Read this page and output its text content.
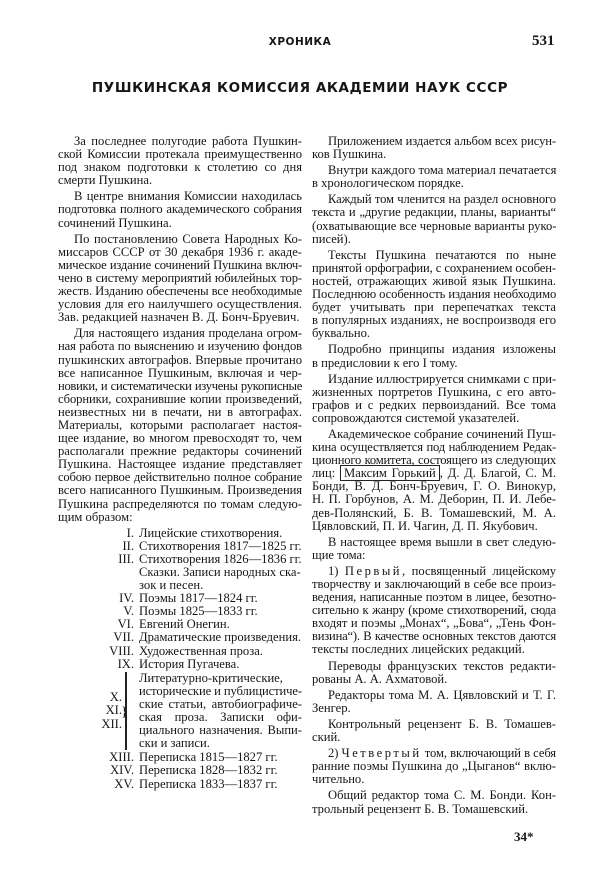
ХРОНИКА	531
ПУШКИНСКАЯ КОМИССИЯ АКАДЕМИИ НАУК СССР
За последнее полугодие работа Пушкин-
ской Комиссии протекала преимущественно
под знаком подготовки к столетию со дня
смерти Пушкина.
В центре внимания Комиссии находилась
подготовка полного академического собрания
сочинений Пушкина.
По постановлению Совета Народных Ко-
миссаров СССР от 30 декабря 1936 г. акаде-
мическое издание сочинений Пушкина включ-
чено в систему мероприятий юбилейных тор-
жеств. Изданию обеспечены все необходимые
условия для его наилучшего осуществления.
Зав. редакцией назначен В. Д. Бонч-Бруевич.
Для настоящего издания проделана огром-
ная работа по выяснению и изучению фондов
пушкинских автографов. Впервые прочитано
все написанное Пушкиным, включая и чер-
новики, и систематически изучены рукописные
сборники, сохранившие копии произведений,
неизвестных ни в печати, ни в автографах.
Материалы, которыми располагает настоя-
щее издание, во многом превосходят то, чем
располагали прежние редакторы сочинений
Пушкина. Настоящее издание представляет
собою первое действительно полное собрание
всего написанного Пушкиным. Произведения
Пушкина распределяются по томам следую-
щим образом:
I. Лицейские стихотворения.
II. Стихотворения 1817—1825 гг.
III. Стихотворения 1826—1836 гг.
Сказки. Записи народных ска-
зок и песен.
IV. Поэмы 1817—1824 гг.
V. Поэмы 1825—1833 гг.
VI. Евгений Онегин.
VII. Драматические произведения.
VIII. Художественная проза.
IX. История Пугачева.
X.
XI.
XII.
}
Литературно-критические,
исторические и публицистиче-
ские статьи, автобиографиче-
ская проза. Записки офи-
циального назначения. Выпи-
ски и записи.
XIII. Переписка 1815—1827 гг.
XIV. Переписка 1828—1832 гг.
XV. Переписка 1833—1837 гг.
Приложением издается альбом всех рисун-
ков Пушкина.
Внутри каждого тома материал печатается
в хронологическом порядке.
Каждый том членится на раздел основного
текста и „другие редакции, планы, варианты“
(охватывающие все черновые варианты руко-
писей).
Тексты Пушкина печатаются по ныне
принятой орфографии, с сохранением особен-
ностей, отражающих живой язык Пушкина.
Последнюю особенность издания необходимо
будет учитывать при перепечатках текста
в популярных изданиях, не воспроизводя его
буквально.
Подробно принципы издания изложены
в предисловии к его I тому.
Издание иллюстрируется снимками с при-
жизненных портретов Пушкина, с его авто-
графов и с редких первоизданий. Все тома
сопровождаются системой указателей.
Академическое собрание сочинений Пуш-
кина осуществляется под наблюдением Редак-
ционного комитета, состоящего из следующих
лиц: Максим Горький , Д. Д. Благой, С. М.
Бонди, В. Д. Бонч-Бруевич, Г. О. Винокур,
Н. П. Горбунов, А. М. Деборин, П. И. Лебе-
дев-Полянский, Б. В. Томашевский, М. А.
Цявловский, П. И. Чагин, Д. П. Якубович.
В настоящее время вышли в свет следую-
щие тома:
1) Первый, посвященный лицейскому
творчеству и заключающий в себе все произ-
ведения, написанные поэтом в лицее, безотно-
сительно к жанру (кроме стихотворений, сюда
входят и поэмы „Монах“, „Бова“, „Тень Фон-
визина“). В качестве основных текстов даются
тексты последних лицейских редакций.
Переводы французских текстов редакти-
рованы А. А. Ахматовой.
Редакторы тома М. А. Цявловский и Т. Г.
Зенгер.
Контрольный рецензент Б. В. Томашев-
ский.
2) Четвертый том, включающий в себя
ранние поэмы Пушкина до „Цыганов“ вклю-
чительно.
Общий редактор тома С. М. Бонди. Кон-
трольный рецензент Б. В. Томашевский.
34*
